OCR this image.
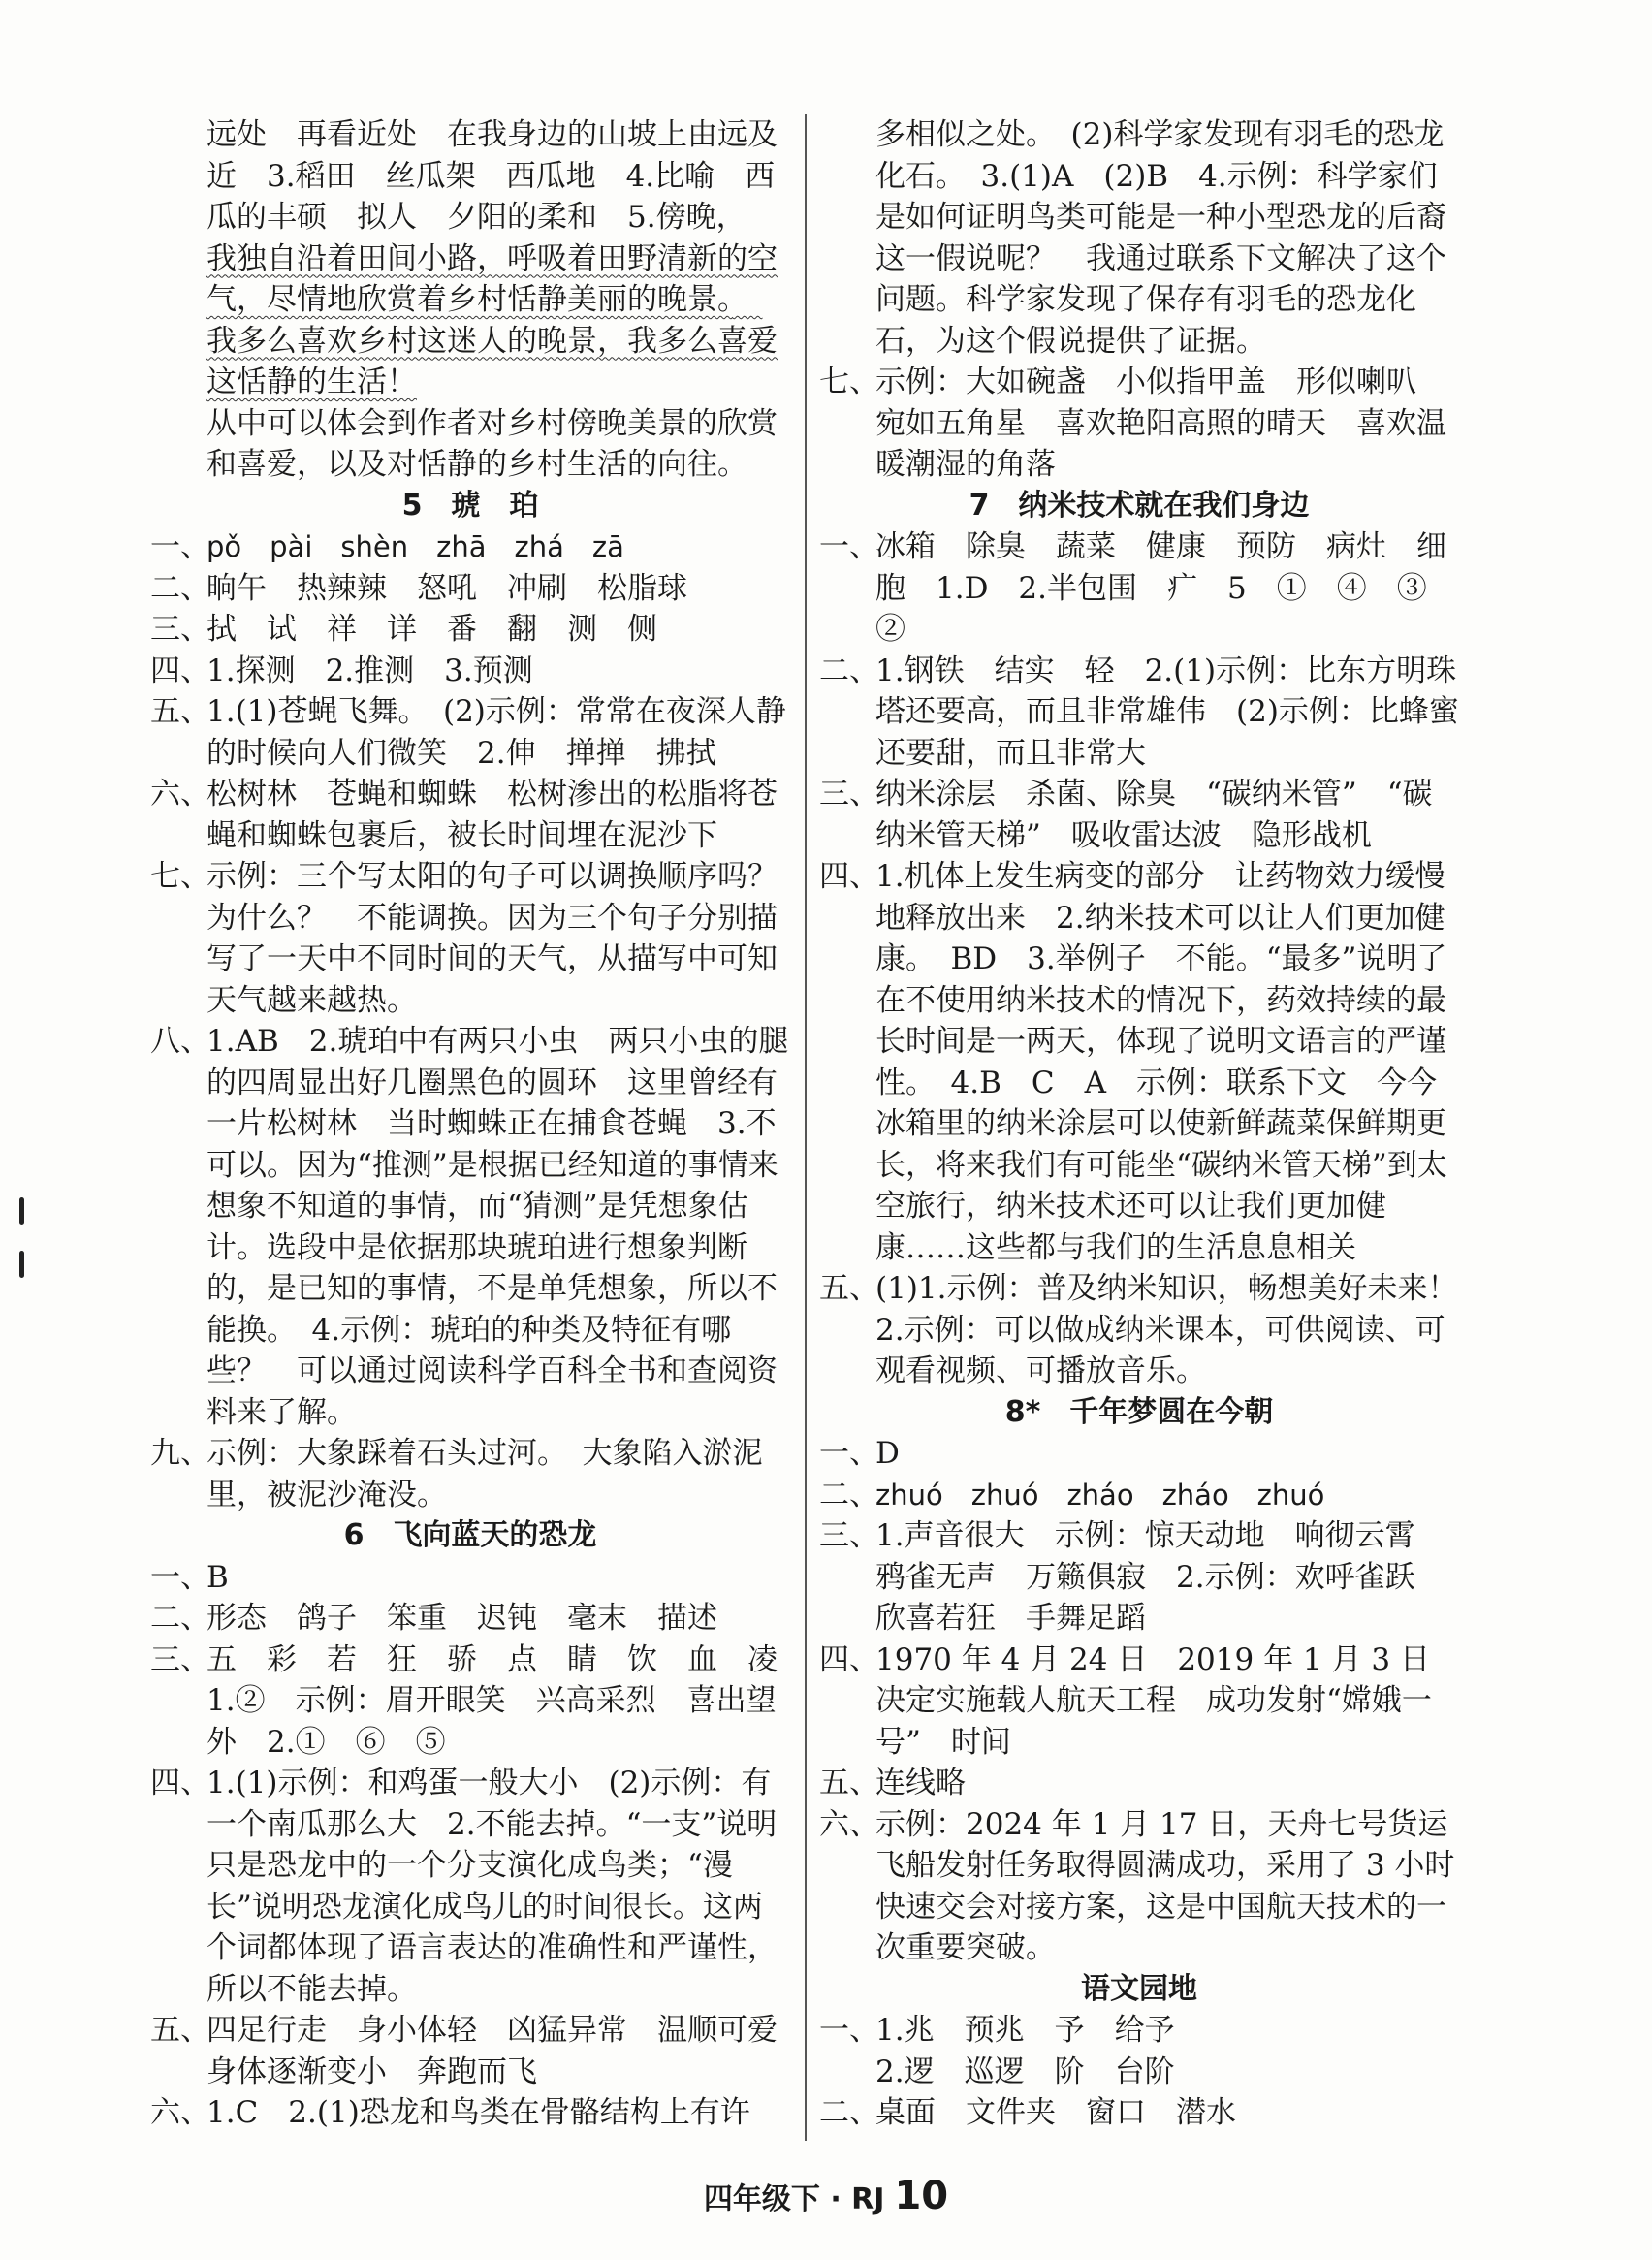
远处　再看近处　在我身边的山坡上由远及近　3.稻田　丝瓜架　西瓜地　4.比喻　西瓜的丰硕　拟人　夕阳的柔和　5.傍晚，
我独自沿着田间小路，呼吸着田野清新的空气，尽情地欣赏着乡村恬静美丽的晚景。　我多么喜欢乡村这迷人的晚景，我多么喜爱这恬静的生活！
从中可以体会到作者对乡村傍晚美景的欣赏和喜爱，以及对恬静的乡村生活的向往。
5　琥　珀
一、
pǒ　pài　shèn　zhā　zhá　zā
二、
晌午　热辣辣　怒吼　冲刷　松脂球
三、
拭　试　祥　详　番　翻　测　侧
四、
1.探测　2.推测　3.预测
五、
1.(1)苍蝇飞舞。　(2)示例：常常在夜深人静的时候向人们微笑　2.伸　掸掸　拂拭
六、
松树林　苍蝇和蜘蛛　松树渗出的松脂将苍蝇和蜘蛛包裹后，被长时间埋在泥沙下
七、
示例：三个写太阳的句子可以调换顺序吗？为什么？　不能调换。因为三个句子分别描写了一天中不同时间的天气，从描写中可知天气越来越热。
八、
1.AB　2.琥珀中有两只小虫　两只小虫的腿的四周显出好几圈黑色的圆环　这里曾经有一片松树林　当时蜘蛛正在捕食苍蝇　3.不可以。因为“推测”是根据已经知道的事情来想象不知道的事情，而“猜测”是凭想象估计。选段中是依据那块琥珀进行想象判断的，是已知的事情，不是单凭想象，所以不能换。　4.示例：琥珀的种类及特征有哪些？　可以通过阅读科学百科全书和查阅资料来了解。
九、
示例：大象踩着石头过河。　大象陷入淤泥里，被泥沙淹没。
6　飞向蓝天的恐龙
一、
B
二、
形态　鸽子　笨重　迟钝　毫末　描述
三、
五　彩　若　狂　骄　点　睛　饮　血　凌　1.②　示例：眉开眼笑　兴高采烈　喜出望外　2.①　⑥　⑤
四、
1.(1)示例：和鸡蛋一般大小　(2)示例：有一个南瓜那么大　2.不能去掉。“一支”说明只是恐龙中的一个分支演化成鸟类；“漫长”说明恐龙演化成鸟儿的时间很长。这两个词都体现了语言表达的准确性和严谨性，所以不能去掉。
五、
四足行走　身小体轻　凶猛异常　温顺可爱　身体逐渐变小　奔跑而飞
六、
1.C　2.(1)恐龙和鸟类在骨骼结构上有许
多相似之处。　(2)科学家发现有羽毛的恐龙化石。　3.(1)A　(2)B　4.示例：科学家们是如何证明鸟类可能是一种小型恐龙的后裔这一假说呢？　我通过联系下文解决了这个问题。科学家发现了保存有羽毛的恐龙化石，为这个假说提供了证据。
七、
示例：大如碗盏　小似指甲盖　形似喇叭　宛如五角星　喜欢艳阳高照的晴天　喜欢温暖潮湿的角落
7　纳米技术就在我们身边
一、
冰箱　除臭　蔬菜　健康　预防　病灶　细胞　1.D　2.半包围　疒　5　①　④　③　②
二、
1.钢铁　结实　轻　2.(1)示例：比东方明珠塔还要高，而且非常雄伟　(2)示例：比蜂蜜还要甜，而且非常大
三、
纳米涂层　杀菌、除臭　“碳纳米管”　“碳纳米管天梯”　吸收雷达波　隐形战机
四、
1.机体上发生病变的部分　让药物效力缓慢地释放出来　2.纳米技术可以让人们更加健康。　BD　3.举例子　不能。“最多”说明了在不使用纳米技术的情况下，药效持续的最长时间是一两天，体现了说明文语言的严谨性。　4.B　C　A　示例：联系下文　今今　冰箱里的纳米涂层可以使新鲜蔬菜保鲜期更长，将来我们有可能坐“碳纳米管天梯”到太空旅行，纳米技术还可以让我们更加健康……这些都与我们的生活息息相关
五、
(1)1.示例：普及纳米知识，畅想美好未来！　2.示例：可以做成纳米课本，可供阅读、可观看视频、可播放音乐。
8*　千年梦圆在今朝
一、
D
二、
zhuó　zhuó　zháo　zháo　zhuó
三、
1.声音很大　示例：惊天动地　响彻云霄　鸦雀无声　万籁俱寂　2.示例：欢呼雀跃　欣喜若狂　手舞足蹈
四、
1970 年 4 月 24 日　2019 年 1 月 3 日　决定实施载人航天工程　成功发射“嫦娥一号”　时间
五、
连线略
六、
示例：2024 年 1 月 17 日，天舟七号货运飞船发射任务取得圆满成功，采用了 3 小时快速交会对接方案，这是中国航天技术的一次重要突破。
语文园地
一、
1.兆　预兆　予　给予
2.逻　巡逻　阶　台阶
二、
桌面　文件夹　窗口　潜水
四年级下 · RJ 10
